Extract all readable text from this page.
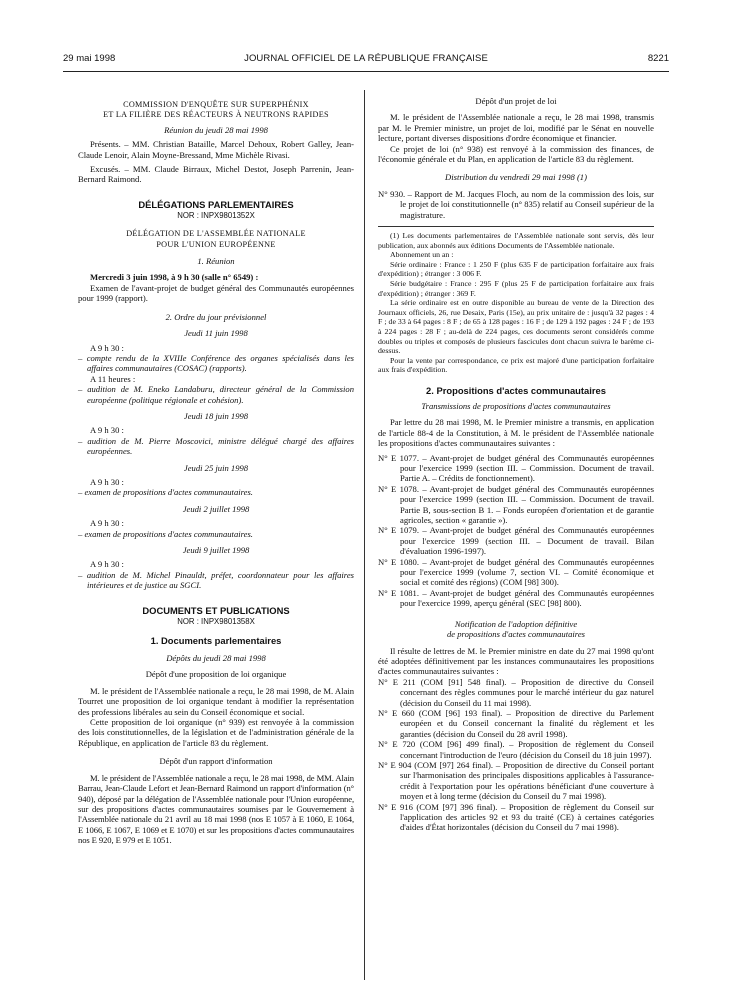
29 mai 1998	JOURNAL OFFICIEL DE LA RÉPUBLIQUE FRANÇAISE	8221

COMMISSION D'ENQUÊTE SUR SUPERPHÉNIX

ET LA FILIÈRE DES RÉACTEURS À NEUTRONS RAPIDES

Réunion du jeudi 28 mai 1998

Présents. – MM. Christian Bataille, Marcel Dehoux, Robert Galley, Jean-Claude Lenoir, Alain Moyne-Bressand, Mme Michèle Rivasi.

Excusés. – MM. Claude Birraux, Michel Destot, Joseph Parrenin, Jean-Bernard Raimond.

DÉLÉGATIONS PARLEMENTAIRES

NOR : INPX9801352X

DÉLÉGATION DE L'ASSEMBLÉE NATIONALE

POUR L'UNION EUROPÉENNE

1. Réunion

Mercredi 3 juin 1998, à 9 h 30 (salle n° 6549) :

Examen de l'avant-projet de budget général des Communautés européennes pour 1999 (rapport).

2. Ordre du jour prévisionnel

Jeudi 11 juin 1998

A 9 h 30 :

– compte rendu de la XVIIIe Conférence des organes spécialisés dans les affaires communautaires (COSAC) (rapports).

A 11 heures :

– audition de M. Eneko Landaburu, directeur général de la Commission européenne (politique régionale et cohésion).

Jeudi 18 juin 1998

A 9 h 30 :

– audition de M. Pierre Moscovici, ministre délégué chargé des affaires européennes.

Jeudi 25 juin 1998

A 9 h 30 :

– examen de propositions d'actes communautaires.

Jeudi 2 juillet 1998

A 9 h 30 :

– examen de propositions d'actes communautaires.

Jeudi 9 juillet 1998

A 9 h 30 :

– audition de M. Michel Pinauldt, préfet, coordonnateur pour les affaires intérieures et de justice au SGCI.

DOCUMENTS ET PUBLICATIONS

NOR : INPX9801358X

1. Documents parlementaires

Dépôts du jeudi 28 mai 1998

Dépôt d'une proposition de loi organique

M. le président de l'Assemblée nationale a reçu, le 28 mai 1998, de M. Alain Tourret une proposition de loi organique tendant à modifier la représentation des professions libérales au sein du Conseil économique et social.

Cette proposition de loi organique (n° 939) est renvoyée à la commission des lois constitutionnelles, de la législation et de l'administration générale de la République, en application de l'article 83 du règlement.

Dépôt d'un rapport d'information

M. le président de l'Assemblée nationale a reçu, le 28 mai 1998, de MM. Alain Barrau, Jean-Claude Lefort et Jean-Bernard Raimond un rapport d'information (n° 940), déposé par la délégation de l'Assemblée nationale pour l'Union européenne, sur des propositions d'actes communautaires soumises par le Gouvernement à l'Assemblée nationale du 21 avril au 18 mai 1998 (nos E 1057 à E 1060, E 1064, E 1066, E 1067, E 1069 et E 1070) et sur les propositions d'actes communautaires nos E 920, E 979 et E 1051.

Dépôt d'un projet de loi

M. le président de l'Assemblée nationale a reçu, le 28 mai 1998, transmis par M. le Premier ministre, un projet de loi, modifié par le Sénat en nouvelle lecture, portant diverses dispositions d'ordre économique et financier.

Ce projet de loi (n° 938) est renvoyé à la commission des finances, de l'économie générale et du Plan, en application de l'article 83 du règlement.

Distribution du vendredi 29 mai 1998 (1)

N° 930. – Rapport de M. Jacques Floch, au nom de la commission des lois, sur le projet de loi constitutionnelle (n° 835) relatif au Conseil supérieur de la magistrature.

(1) Les documents parlementaires de l'Assemblée nationale sont servis, dès leur publication, aux abonnés aux éditions Documents de l'Assemblée nationale.

Abonnement un an :

Série ordinaire : France : 1 250 F (plus 635 F de participation forfaitaire aux frais d'expédition) ; étranger : 3 006 F.

Série budgétaire : France : 295 F (plus 25 F de participation forfaitaire aux frais d'expédition) ; étranger : 369 F.

La série ordinaire est en outre disponible au bureau de vente de la Direction des Journaux officiels, 26, rue Desaix, Paris (15e), au prix unitaire de : jusqu'à 32 pages : 4 F ; de 33 à 64 pages : 8 F ; de 65 à 128 pages : 16 F ; de 129 à 192 pages : 24 F ; de 193 à 224 pages : 28 F ; au-delà de 224 pages, ces documents seront considérés comme doubles ou triples et composés de plusieurs fascicules dont chacun suivra le barème ci-dessus.

Pour la vente par correspondance, ce prix est majoré d'une participation forfaitaire aux frais d'expédition.

2. Propositions d'actes communautaires

Transmissions de propositions d'actes communautaires

Par lettre du 28 mai 1998, M. le Premier ministre a transmis, en application de l'article 88-4 de la Constitution, à M. le président de l'Assemblée nationale les propositions d'actes communautaires suivantes :

N° E 1077. – Avant-projet de budget général des Communautés européennes pour l'exercice 1999 (section III. – Commission. Document de travail. Partie A. – Crédits de fonctionnement).

N° E 1078. – Avant-projet de budget général des Communautés européennes pour l'exercice 1999 (section III. – Commission. Document de travail. Partie B, sous-section B 1. – Fonds européen d'orientation et de garantie agricoles, section « garantie »).

N° E 1079. – Avant-projet de budget général des Communautés européennes pour l'exercice 1999 (section III. – Document de travail. Bilan d'évaluation 1996-1997).

N° E 1080. – Avant-projet de budget général des Communautés européennes pour l'exercice 1999 (volume 7, section VI. – Comité économique et social et comité des régions) (COM [98] 300).

N° E 1081. – Avant-projet de budget général des Communautés européennes pour l'exercice 1999, aperçu général (SEC [98] 800).

Notification de l'adoption définitive

de propositions d'actes communautaires

Il résulte de lettres de M. le Premier ministre en date du 27 mai 1998 qu'ont été adoptées définitivement par les instances communautaires les propositions d'actes communautaires suivantes :

N° E 211 (COM [91] 548 final). – Proposition de directive du Conseil concernant des règles communes pour le marché intérieur du gaz naturel (décision du Conseil du 11 mai 1998).

N° E 660 (COM [96] 193 final). – Proposition de directive du Parlement européen et du Conseil concernant la finalité du règlement et les garanties (décision du Conseil du 28 avril 1998).

N° E 720 (COM [96] 499 final). – Proposition de règlement du Conseil concernant l'introduction de l'euro (décision du Conseil du 18 juin 1997).

N° E 904 (COM [97] 264 final). – Proposition de directive du Conseil portant sur l'harmonisation des principales dispositions applicables à l'assurance-crédit à l'exportation pour les opérations bénéficiant d'une couverture à moyen et à long terme (décision du Conseil du 7 mai 1998).

N° E 916 (COM [97] 396 final). – Proposition de règlement du Conseil sur l'application des articles 92 et 93 du traité (CE) à certaines catégories d'aides d'État horizontales (décision du Conseil du 7 mai 1998).
